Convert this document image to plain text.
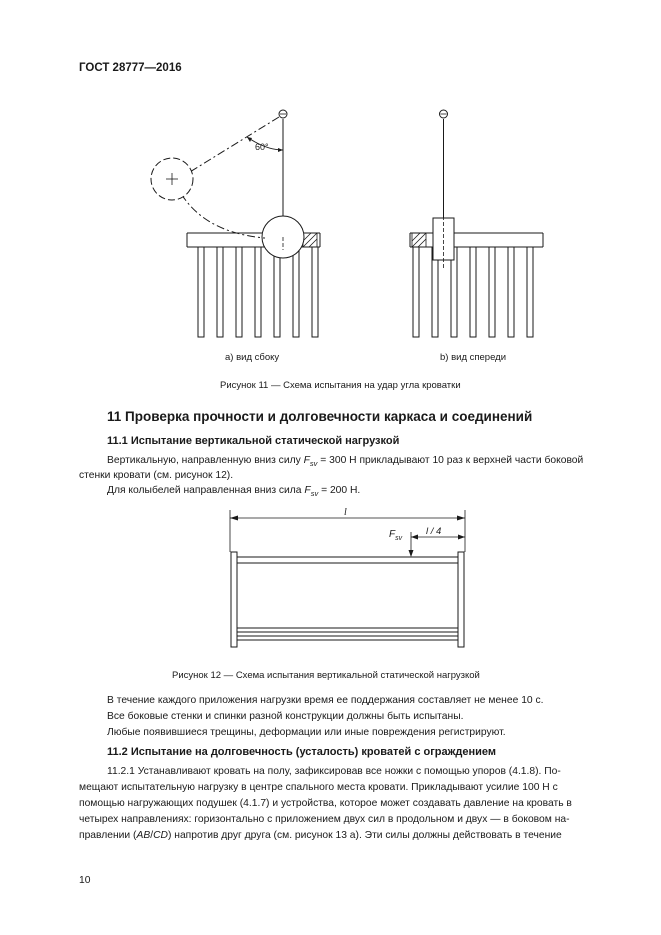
ГОСТ 28777—2016
60°
l
$F_{sv}$
l / 4
a) вид сбоку	b) вид спереди
Рисунок 11 — Схема испытания на удар угла кроватки
11 Проверка прочности и долговечности каркаса и соединений
11.1 Испытание вертикальной статической нагрузкой
Вертикальную, направленную вниз силу $F_{sv} = 300$ Н прикладывают 10 раз к верхней части боковой
стенки кровати (см. рисунок 12).
Для колыбелей направленная вниз сила $F_{sv} = 200$ Н.
Рисунок 12 — Схема испытания вертикальной статической нагрузкой
В течение каждого приложения нагрузки время ее поддержания составляет не менее 10 с.
Все боковые стенки и спинки разной конструкции должны быть испытаны.
Любые появившиеся трещины, деформации или иные повреждения регистрируют.
11.2 Испытание на долговечность (усталость) кроватей с ограждением
11.2.1 Устанавливают кровать на полу, зафиксировав все ножки с помощью упоров (4.1.8). По-
мещают испытательную нагрузку в центре спального места кровати. Прикладывают усилие 100 Н с
помощью нагружающих подушек (4.1.7) и устройства, которое может создавать давление на кровать в
четырех направлениях: горизонтально с приложением двух сил в продольном и двух — в боковом на-
правлении (AB/CD) напротив друг друга (см. рисунок 13 а). Эти силы должны действовать в течение
10
